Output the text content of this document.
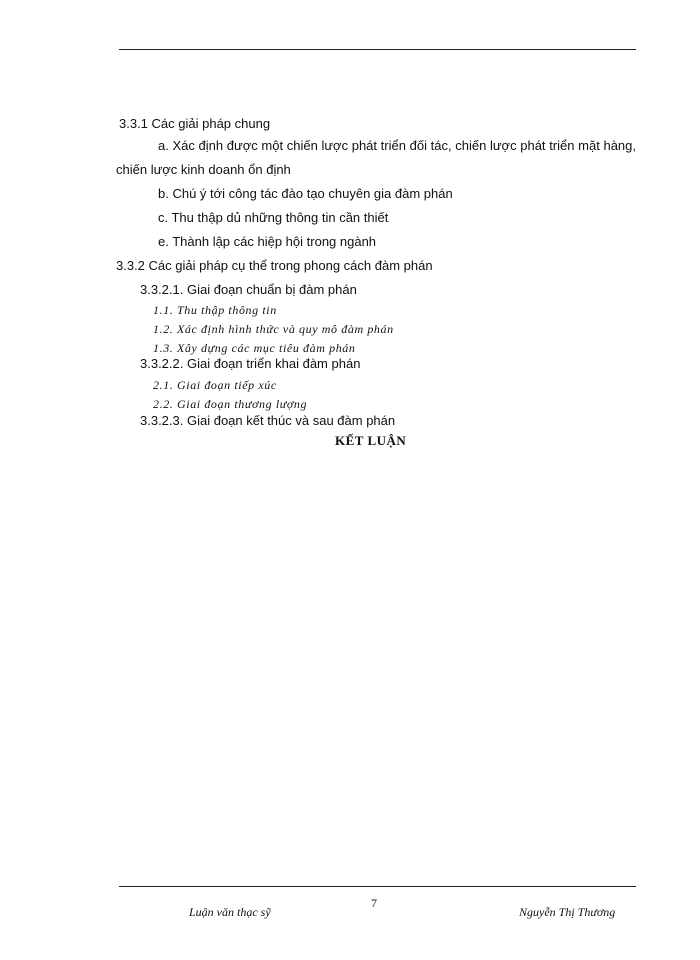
3.3.1 Các giải pháp chung
a. Xác định được một chiến lược phát triển đối tác, chiến lược phát triển mặt hàng, chiến lược kinh doanh ổn định
b. Chú ý tới công tác đào tạo chuyên gia đàm phán
c. Thu thập dủ những thông tin cần thiết
e. Thành lập các hiệp hội trong ngành
3.3.2 Các giải pháp cụ thể trong phong cách đàm phán
3.3.2.1. Giai đoạn chuẩn bị đàm phán
1.1. Thu thập thông tin
1.2. Xác định hình thức và quy mô đàm phán
1.3. Xây dựng các mục tiêu đàm phán
3.3.2.2. Giai đoạn triển khai đàm phán
2.1. Giai đoạn tiếp xúc
2.2. Giai đoạn thương lượng
3.3.2.3. Giai đoạn kết thúc và sau đàm phán
KẾT LUẬN
7
Luận văn thạc sỹ	Nguyễn Thị Thương
